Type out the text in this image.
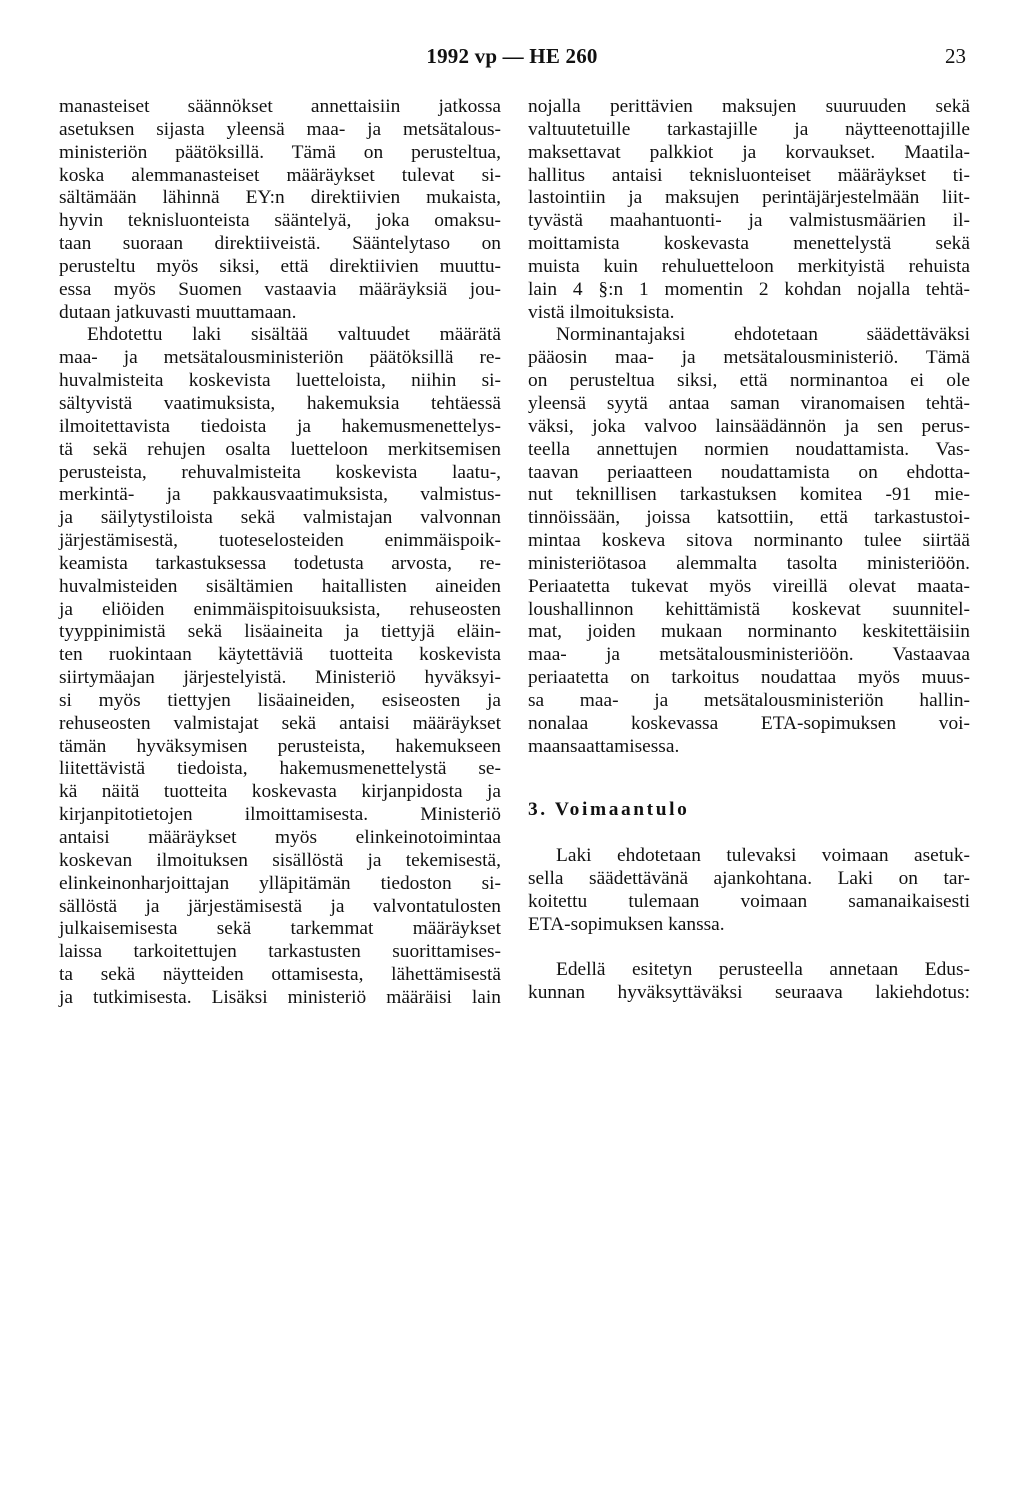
1992 vp — HE 260	23
manasteiset säännökset annettaisiin jatkossa
asetuksen sijasta yleensä maa- ja metsätalous-
ministeriön päätöksillä. Tämä on perusteltua,
koska alemmanasteiset määräykset tulevat si-
sältämään lähinnä EY:n direktiivien mukaista,
hyvin teknisluonteista sääntelyä, joka omaksu-
taan suoraan direktiiveistä. Sääntelytaso on
perusteltu myös siksi, että direktiivien muuttu-
essa myös Suomen vastaavia määräyksiä jou-
dutaan jatkuvasti muuttamaan.
Ehdotettu laki sisältää valtuudet määrätä
maa- ja metsätalousministeriön päätöksillä re-
huvalmisteita koskevista luetteloista, niihin si-
sältyvistä vaatimuksista, hakemuksia tehtäessä
ilmoitettavista tiedoista ja hakemusmenettelys-
tä sekä rehujen osalta luetteloon merkitsemisen
perusteista, rehuvalmisteita koskevista laatu-,
merkintä- ja pakkausvaatimuksista, valmistus-
ja säilytystiloista sekä valmistajan valvonnan
järjestämisestä, tuoteselosteiden enimmäispoik-
keamista tarkastuksessa todetusta arvosta, re-
huvalmisteiden sisältämien haitallisten aineiden
ja eliöiden enimmäispitoisuuksista, rehuseosten
tyyppinimistä sekä lisäaineita ja tiettyjä eläin-
ten ruokintaan käytettäviä tuotteita koskevista
siirtymäajan järjestelyistä. Ministeriö hyväksyi-
si myös tiettyjen lisäaineiden, esiseosten ja
rehuseosten valmistajat sekä antaisi määräykset
tämän hyväksymisen perusteista, hakemukseen
liitettävistä tiedoista, hakemusmenettelystä se-
kä näitä tuotteita koskevasta kirjanpidosta ja
kirjanpitotietojen ilmoittamisesta. Ministeriö
antaisi määräykset myös elinkeinotoimintaa
koskevan ilmoituksen sisällöstä ja tekemisestä,
elinkeinonharjoittajan ylläpitämän tiedoston si-
sällöstä ja järjestämisestä ja valvontatulosten
julkaisemisesta sekä tarkemmat määräykset
laissa tarkoitettujen tarkastusten suorittamises-
ta sekä näytteiden ottamisesta, lähettämisestä
ja tutkimisesta. Lisäksi ministeriö määräisi lain
nojalla perittävien maksujen suuruuden sekä
valtuutetuille tarkastajille ja näytteenottajille
maksettavat palkkiot ja korvaukset. Maatila-
hallitus antaisi teknisluonteiset määräykset ti-
lastointiin ja maksujen perintäjärjestelmään liit-
tyvästä maahantuonti- ja valmistusmäärien il-
moittamista koskevasta menettelystä sekä
muista kuin rehuluetteloon merkityistä rehuista
lain 4 §:n 1 momentin 2 kohdan nojalla tehtä-
vistä ilmoituksista.
Norminantajaksi ehdotetaan säädettäväksi
pääosin maa- ja metsätalousministeriö. Tämä
on perusteltua siksi, että norminantoa ei ole
yleensä syytä antaa saman viranomaisen tehtä-
väksi, joka valvoo lainsäädännön ja sen perus-
teella annettujen normien noudattamista. Vas-
taavan periaatteen noudattamista on ehdotta-
nut teknillisen tarkastuksen komitea -91 mie-
tinnöissään, joissa katsottiin, että tarkastustoi-
mintaa koskeva sitova norminanto tulee siirtää
ministeriötasoa alemmalta tasolta ministeriöön.
Periaatetta tukevat myös vireillä olevat maata-
loushallinnon kehittämistä koskevat suunnitel-
mat, joiden mukaan norminanto keskitettäisiin
maa- ja metsätalousministeriöön. Vastaavaa
periaatetta on tarkoitus noudattaa myös muus-
sa maa- ja metsätalousministeriön hallin-
nonalaa koskevassa ETA-sopimuksen voi-
maansaattamisessa.
3. Voimaantulo
Laki ehdotetaan tulevaksi voimaan asetuk-
sella säädettävänä ajankohtana. Laki on tar-
koitettu tulemaan voimaan samanaikaisesti
ETA-sopimuksen kanssa.
Edellä esitetyn perusteella annetaan Edus-
kunnan hyväksyttäväksi seuraava lakiehdotus:
